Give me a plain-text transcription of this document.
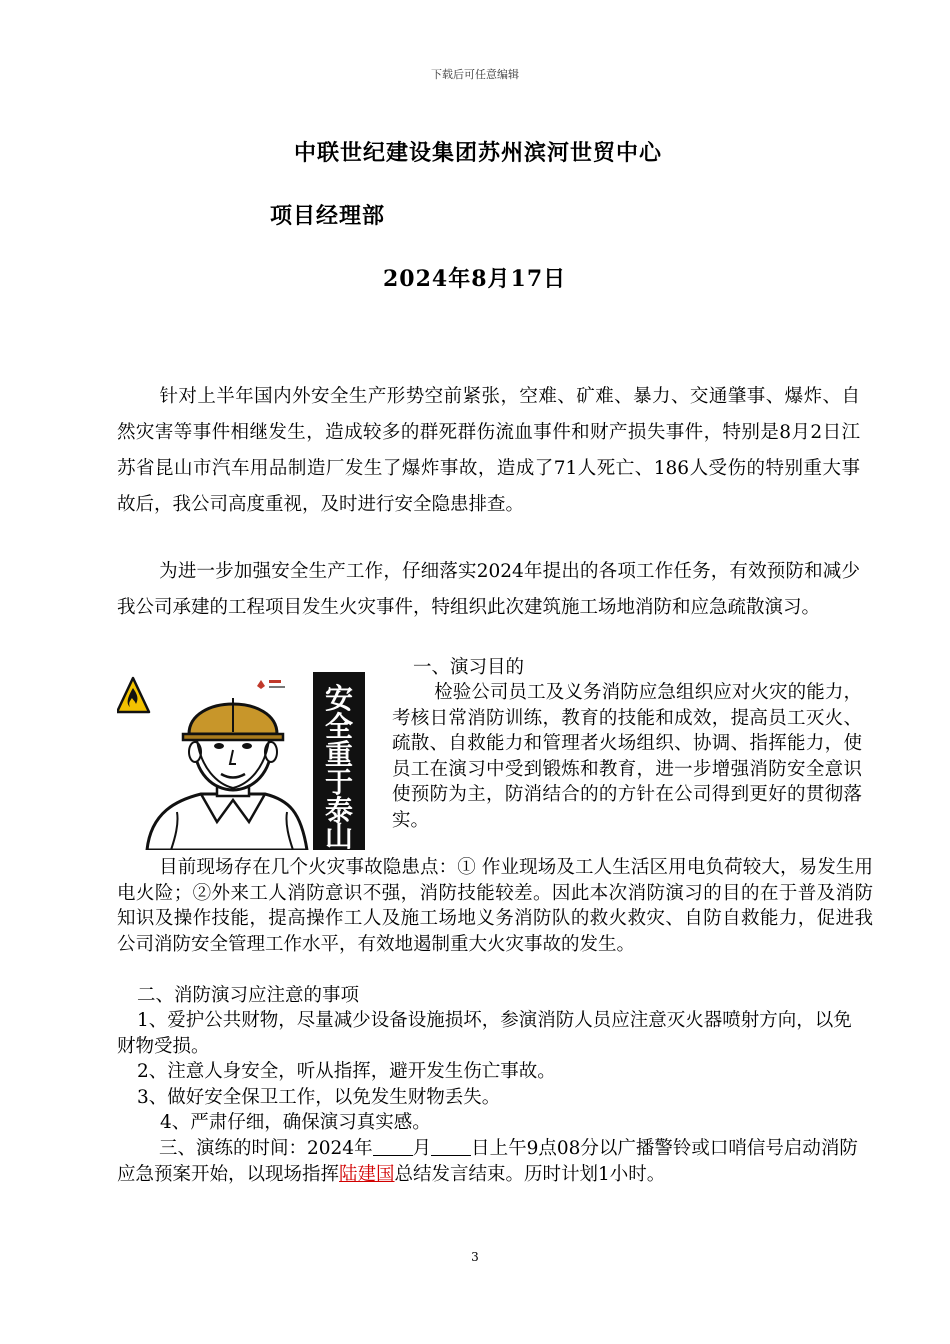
下载后可任意编辑
中联世纪建设集团苏州滨河世贸中心
项目经理部
2024年8月17日

针对上半年国内外安全生产形势空前紧张，空难、矿难、暴力、交通肇事、爆炸、自然灾害等事件相继发生，造成较多的群死群伤流血事件和财产损失事件，特别是8月2日江苏省昆山市汽车用品制造厂发生了爆炸事故，造成了71人死亡、186人受伤的特别重大事故后，我公司高度重视，及时进行安全隐患排查。

为进一步加强安全生产工作，仔细落实2024年提出的各项工作任务，有效预防和减少我公司承建的工程项目发生火灾事件，特组织此次建筑施工场地消防和应急疏散演习。

安
全
重
于
泰
山

一、演习目的

检验公司员工及义务消防应急组织应对火灾的能力，考核日常消防训练，教育的技能和成效，提高员工灭火、疏散、自救能力和管理者火场组织、协调、指挥能力，使员工在演习中受到锻炼和教育，进一步增强消防安全意识使预防为主，防消结合的的方针在公司得到更好的贯彻落实。

目前现场存在几个火灾事故隐患点：① 作业现场及工人生活区用电负荷较大，易发生用电火险；②外来工人消防意识不强，消防技能较差。因此本次消防演习的目的在于普及消防知识及操作技能，提高操作工人及施工场地义务消防队的救火救灾、自防自救能力，促进我公司消防安全管理工作水平，有效地遏制重大火灾事故的发生。

二、消防演习应注意的事项

1、爱护公共财物，尽量减少设备设施损坏，参演消防人员应注意灭火器喷射方向，以免财物受损。

2、注意人身安全，听从指挥，避开发生伤亡事故。

3、做好安全保卫工作，以免发生财物丢失。

4、严肃仔细，确保演习真实感。

三、演练的时间：2024年 月 日上午9点08分以广播警铃或口哨信号启动消防应急预案开始，以现场指挥陆建国总结发言结束。历时计划1小时。

3
